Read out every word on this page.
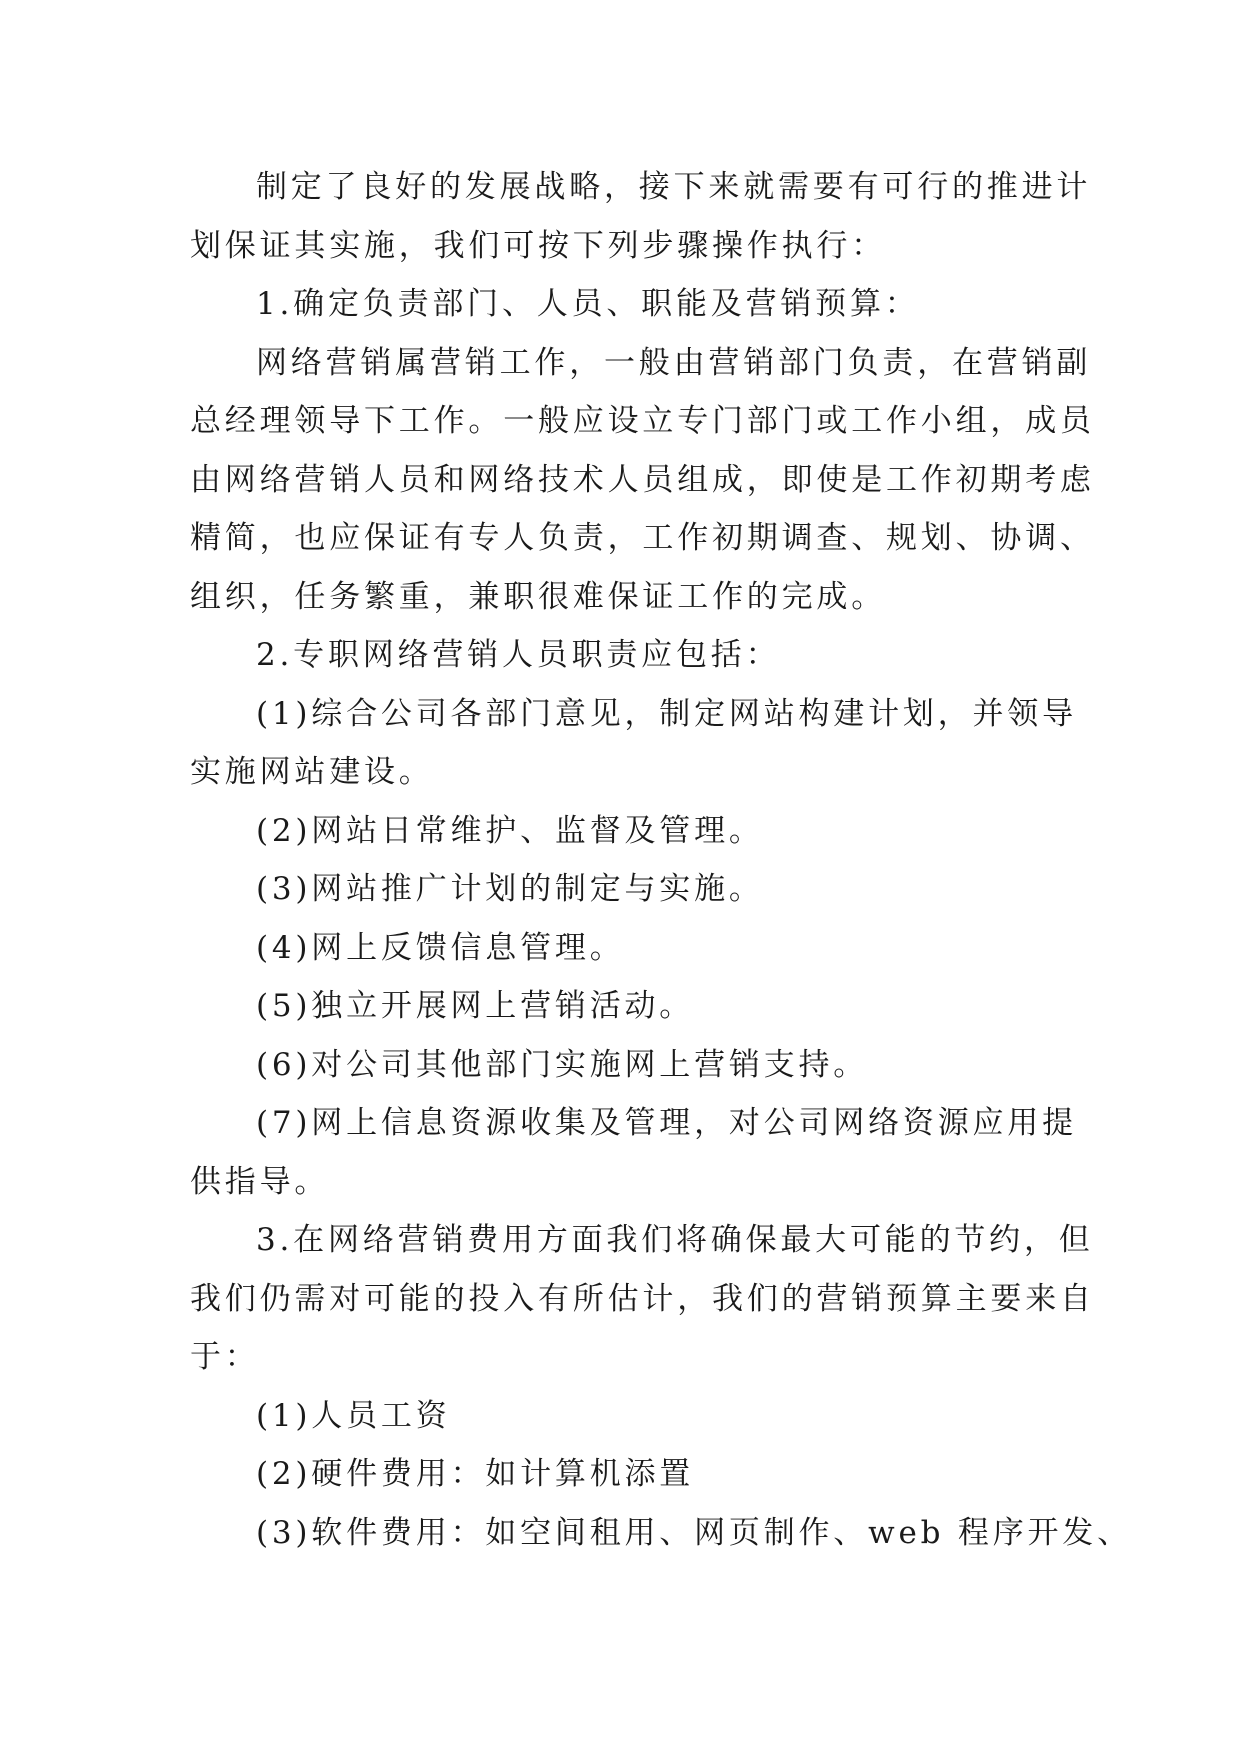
制定了良好的发展战略，接下来就需要有可行的推进计

划保证其实施，我们可按下列步骤操作执行：

1.确定负责部门、人员、职能及营销预算：

网络营销属营销工作，一般由营销部门负责，在营销副

总经理领导下工作。一般应设立专门部门或工作小组，成员

由网络营销人员和网络技术人员组成，即使是工作初期考虑

精简，也应保证有专人负责，工作初期调查、规划、协调、

组织，任务繁重，兼职很难保证工作的完成。

2.专职网络营销人员职责应包括：

(1)综合公司各部门意见，制定网站构建计划，并领导

实施网站建设。

(2)网站日常维护、监督及管理。

(3)网站推广计划的制定与实施。

(4)网上反馈信息管理。

(5)独立开展网上营销活动。

(6)对公司其他部门实施网上营销支持。

(7)网上信息资源收集及管理，对公司网络资源应用提

供指导。

3.在网络营销费用方面我们将确保最大可能的节约，但

我们仍需对可能的投入有所估计，我们的营销预算主要来自

于：

(1)人员工资

(2)硬件费用：如计算机添置

(3)软件费用：如空间租用、网页制作、web 程序开发、
